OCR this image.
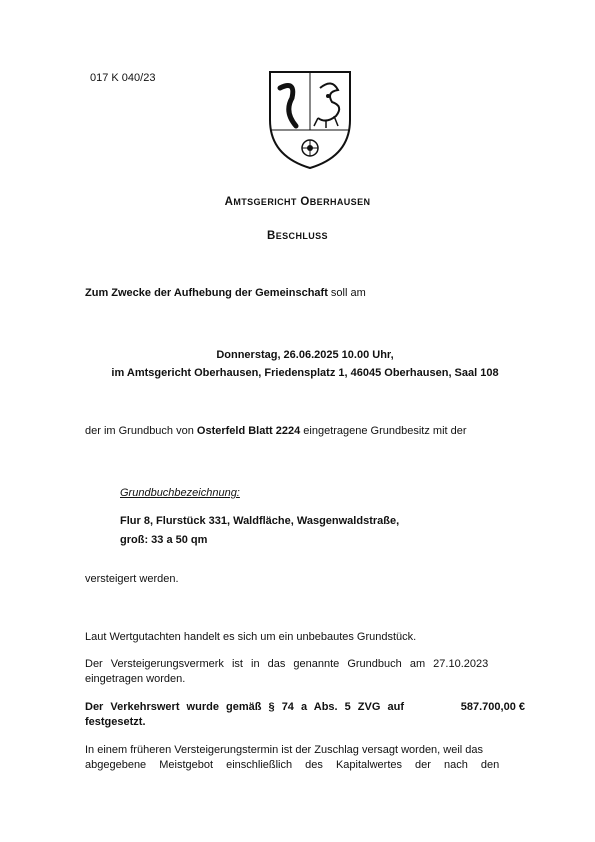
017 K 040/23
AMTSGERICHT OBERHAUSEN
BESCHLUSS
Zum Zwecke der Aufhebung der Gemeinschaft soll am
Donnerstag, 26.06.2025 10.00 Uhr,
im Amtsgericht Oberhausen, Friedensplatz 1, 46045 Oberhausen, Saal 108
der im Grundbuch von Osterfeld Blatt 2224 eingetragene Grundbesitz mit der
Grundbuchbezeichnung:
Flur 8, Flurstück 331, Waldfläche, Wasgenwaldstraße,
groß: 33 a 50 qm
versteigert werden.
Laut Wertgutachten handelt es sich um ein unbebautes Grundstück.
Der Versteigerungsvermerk ist in das genannte Grundbuch am 27.10.2023
eingetragen worden.
Der Verkehrswert wurde gemäß § 74 a Abs. 5 ZVG auf	587.700,00 €
festgesetzt.
In einem früheren Versteigerungstermin ist der Zuschlag versagt worden, weil das
abgegebene Meistgebot einschließlich des Kapitalwertes der nach den
